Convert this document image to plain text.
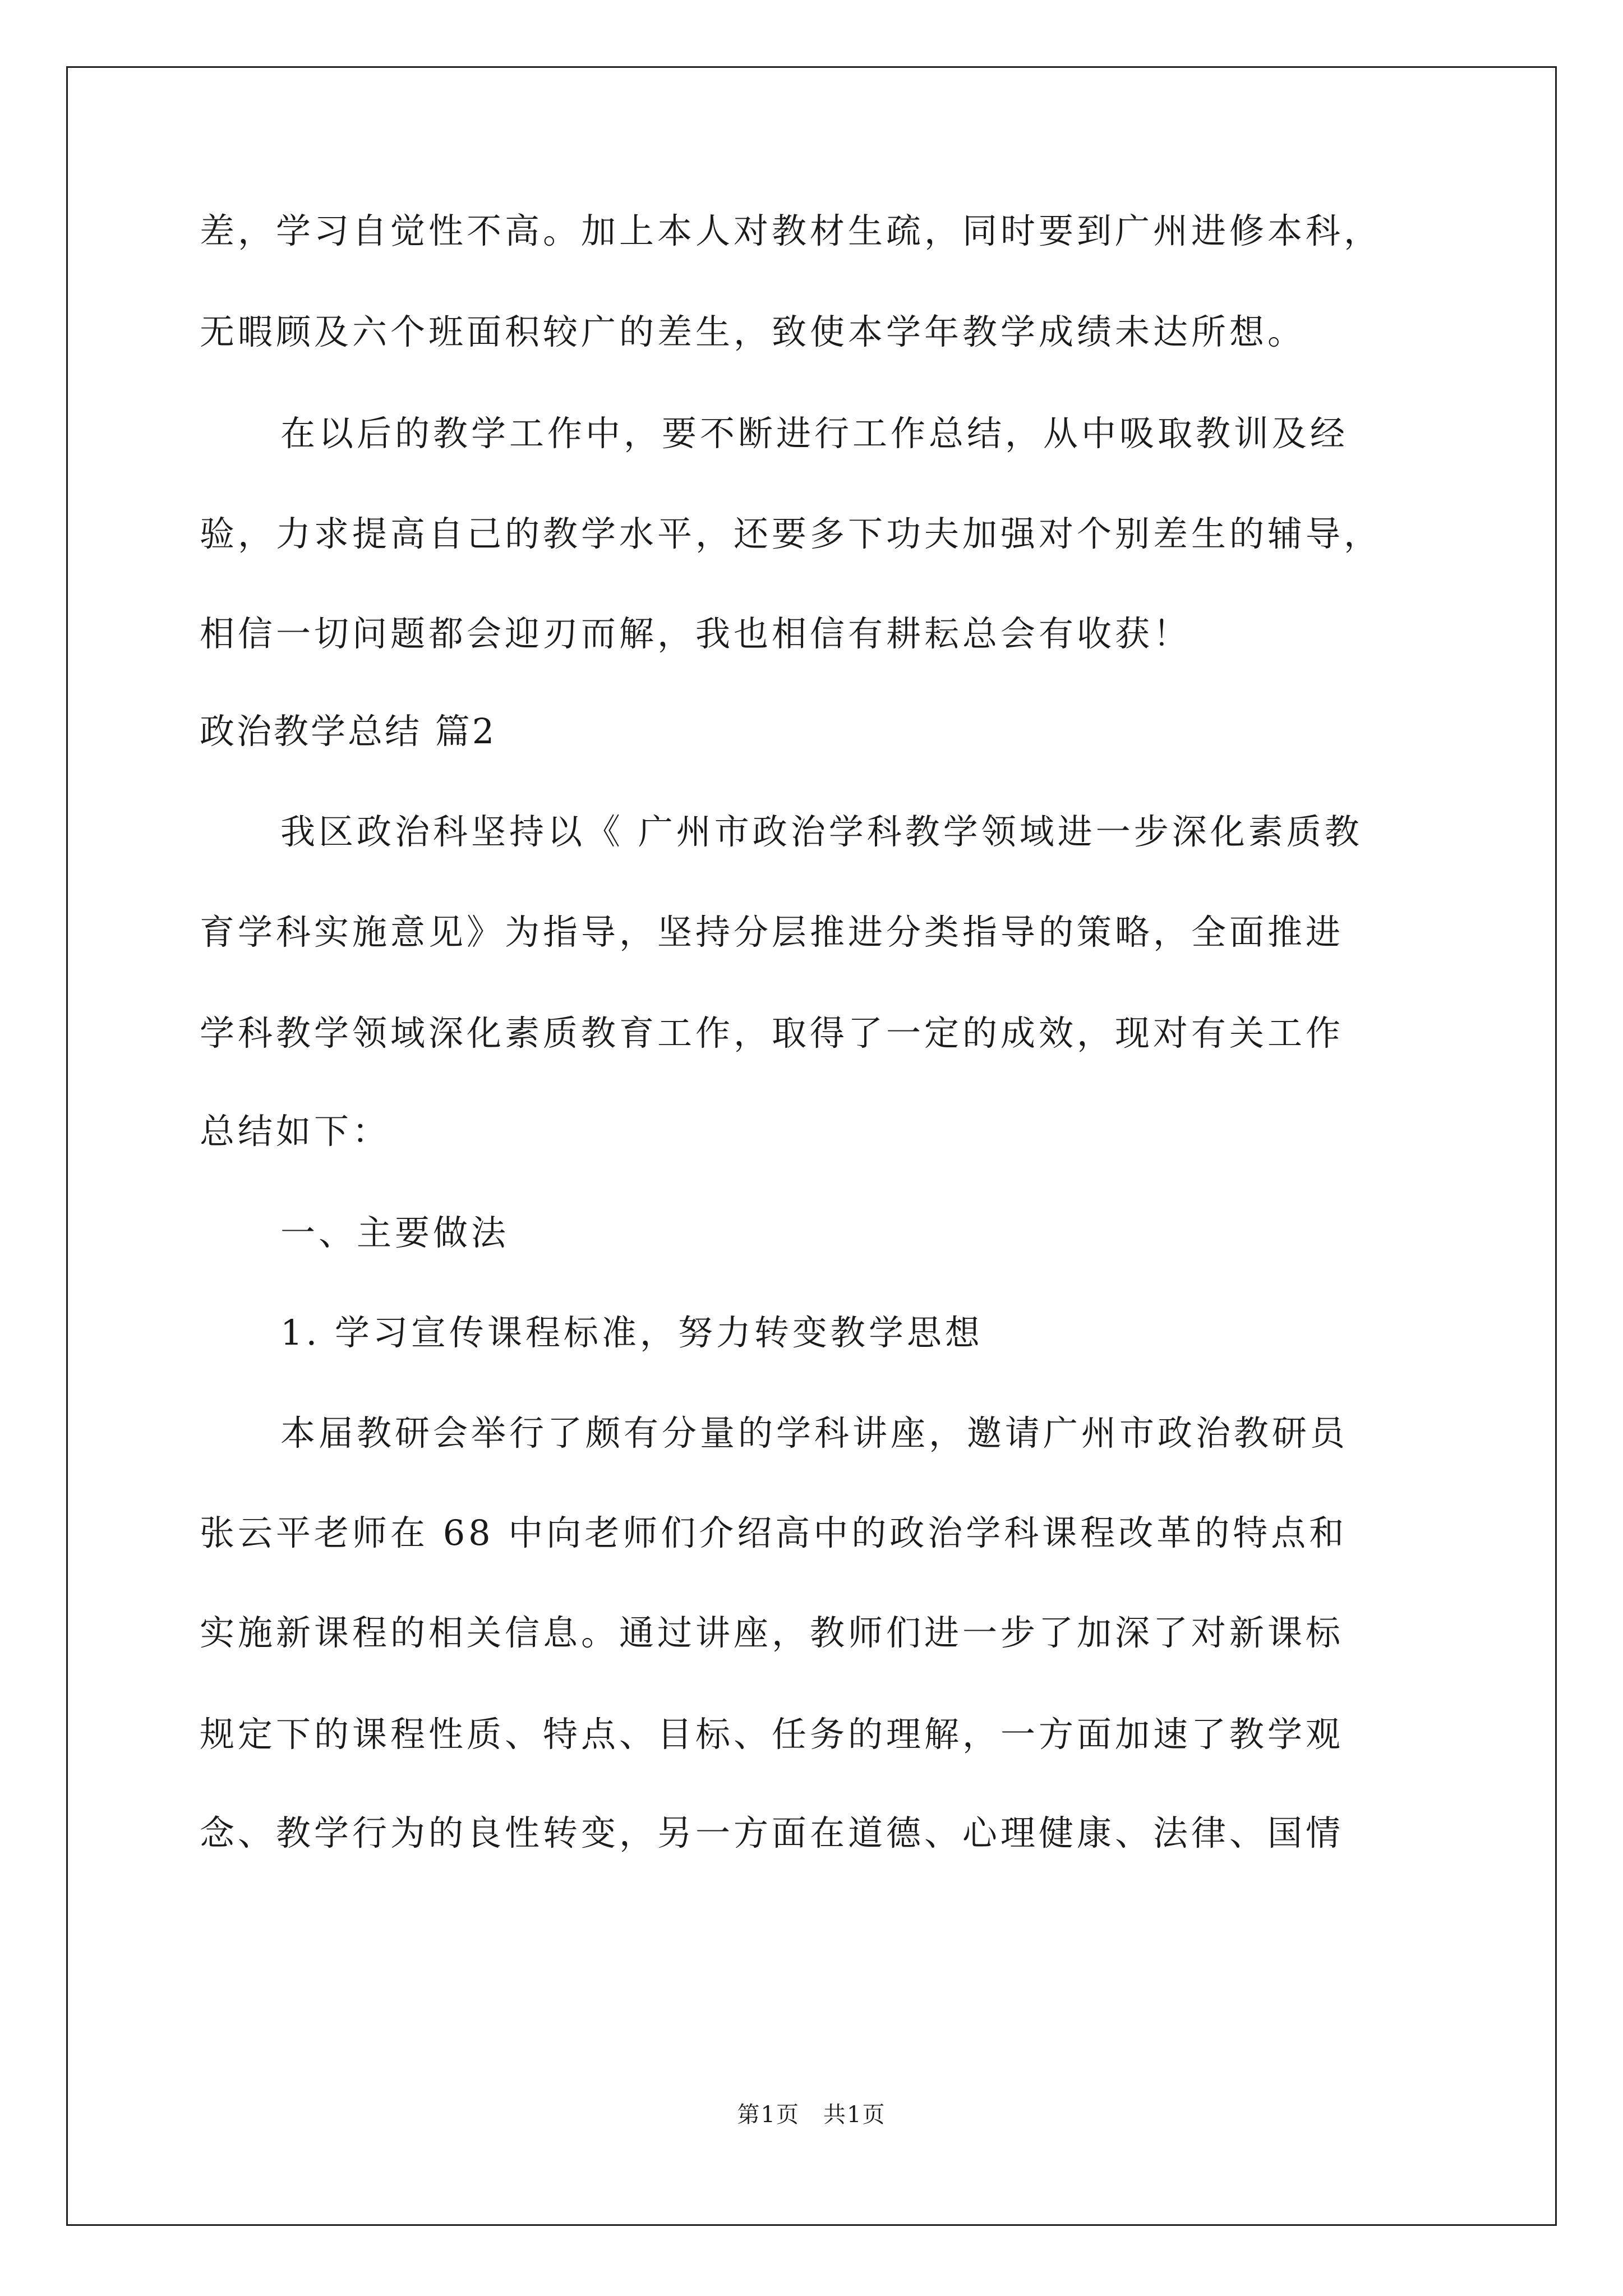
差，学习自觉性不高。加上本人对教材生疏，同时要到广州进修本科，
无暇顾及六个班面积较广的差生，致使本学年教学成绩未达所想。
在以后的教学工作中，要不断进行工作总结，从中吸取教训及经
验，力求提高自己的教学水平，还要多下功夫加强对个别差生的辅导，
相信一切问题都会迎刃而解，我也相信有耕耘总会有收获！
政治教学总结 篇2
我区政治科坚持以《 广州市政治学科教学领域进一步深化素质教
育学科实施意见》为指导，坚持分层推进分类指导的策略，全面推进
学科教学领域深化素质教育工作，取得了一定的成效，现对有关工作
总结如下：
一、主要做法
1. 学习宣传课程标准，努力转变教学思想
本届教研会举行了颇有分量的学科讲座，邀请广州市政治教研员
张云平老师在 68 中向老师们介绍高中的政治学科课程改革的特点和
实施新课程的相关信息。通过讲座，教师们进一步了加深了对新课标
规定下的课程性质、特点、目标、任务的理解，一方面加速了教学观
念、教学行为的良性转变，另一方面在道德、心理健康、法律、国情
第1页　共1页
